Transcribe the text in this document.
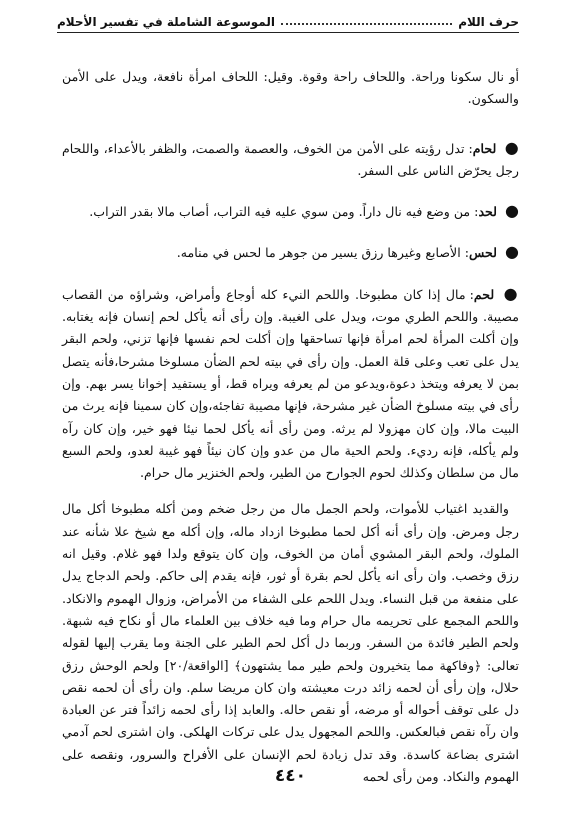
حرف اللام
الموسوعة الشاملة في تفسير الأحلام

أو نال سكونا وراحة. واللحاف راحة وقوة. وقيل: اللحاف امرأة نافعة، ويدل على الأمن والسكون.

● لحام: تدل رؤيته على الأمن من الخوف، والعصمة والصمت، والظفر بالأعداء، واللحام رجل يحرّض الناس على السفر.

● لحد: من وضع فيه نال داراً. ومن سوي عليه فيه التراب، أصاب مالا بقدر التراب.

● لحس: الأصابع وغيرها رزق يسير من جوهر ما لحس في منامه.

● لحم: مال إذا كان مطبوخا. واللحم النيء كله أوجاع وأمراض، وشراؤه من القصاب مصيبة. واللحم الطري موت، ويدل على الغيبة. وإن رأى أنه يأكل لحم إنسان فإنه يغتابه. وإن أكلت المرأة لحم امرأة فإنها تساحقها وإن أكلت لحم نفسها فإنها تزني، ولحم البقر يدل على تعب وعلى قلة العمل. وإن رأى في بيته لحم الضأن مسلوخا مشرحا،فأنه يتصل بمن لا يعرفه ويتخذ دعوة،ويدعو من لم يعرفه ويراه قط، أو يستفيد إخوانا يسر بهم. وإن رأى في بيته مسلوخ الضأن غير مشرحة، فإنها مصيبة تفاجئه،وإن كان سمينا فإنه يرث من البيت مالا، وإن كان مهزولا لم يرثه. ومن رأى أنه يأكل لحما نيئا فهو خير، وإن كان رآه ولم يأكله، فإنه رديء. ولحم الحية مال من عدو وإن كان نيئاً فهو غيبة لعدو، ولحم السبع مال من سلطان وكذلك لحوم الجوارح من الطير، ولحم الخنزير مال حرام.

والقديد اغتياب للأموات، ولحم الجمل مال من رجل ضخم ومن أكله مطبوخا أكل مال رجل ومرض. وإن رأى أنه أكل لحما مطبوخا ازداد ماله، وإن أكله مع شيخ علا شأنه عند الملوك، ولحم البقر المشوي أمان من الخوف، وإن كان يتوقع ولدا فهو غلام. وقيل انه رزق وخصب. وان رأى انه يأكل لحم بقرة أو ثور، فإنه يقدم إلى حاكم. ولحم الدجاج يدل على منفعة من قبل النساء. ويدل اللحم على الشفاء من الأمراض، وزوال الهموم والانكاد. واللحم المجمع على تحريمه مال حرام وما فيه خلاف بين العلماء مال أو نكاح فيه شبهة. ولحم الطير فائدة من السفر. وربما دل أكل لحم الطير على الجنة وما يقرب إليها لقوله تعالى: ﴿وفاكهة مما يتخيرون ولحم طير مما يشتهون﴾ [الواقعة/٢٠] ولحم الوحش رزق حلال، وإن رأى أن لحمه زائد درت معيشته وان كان مريضا سلم. وان رأى أن لحمه نقص دل على توقف أحواله أو مرضه، أو نقص حاله. والعابد إذا رأى لحمه زائداً فتر عن العبادة وان رآه نقص فبالعكس. واللحم المجهول يدل على تركات الهلكى. وان اشترى لحم آدمي اشترى بضاعة كاسدة. وقد تدل زيادة لحم الإنسان على الأفراح والسرور، ونقصه على الهموم والنكاد. ومن رأى لحمه

٤٤٠
